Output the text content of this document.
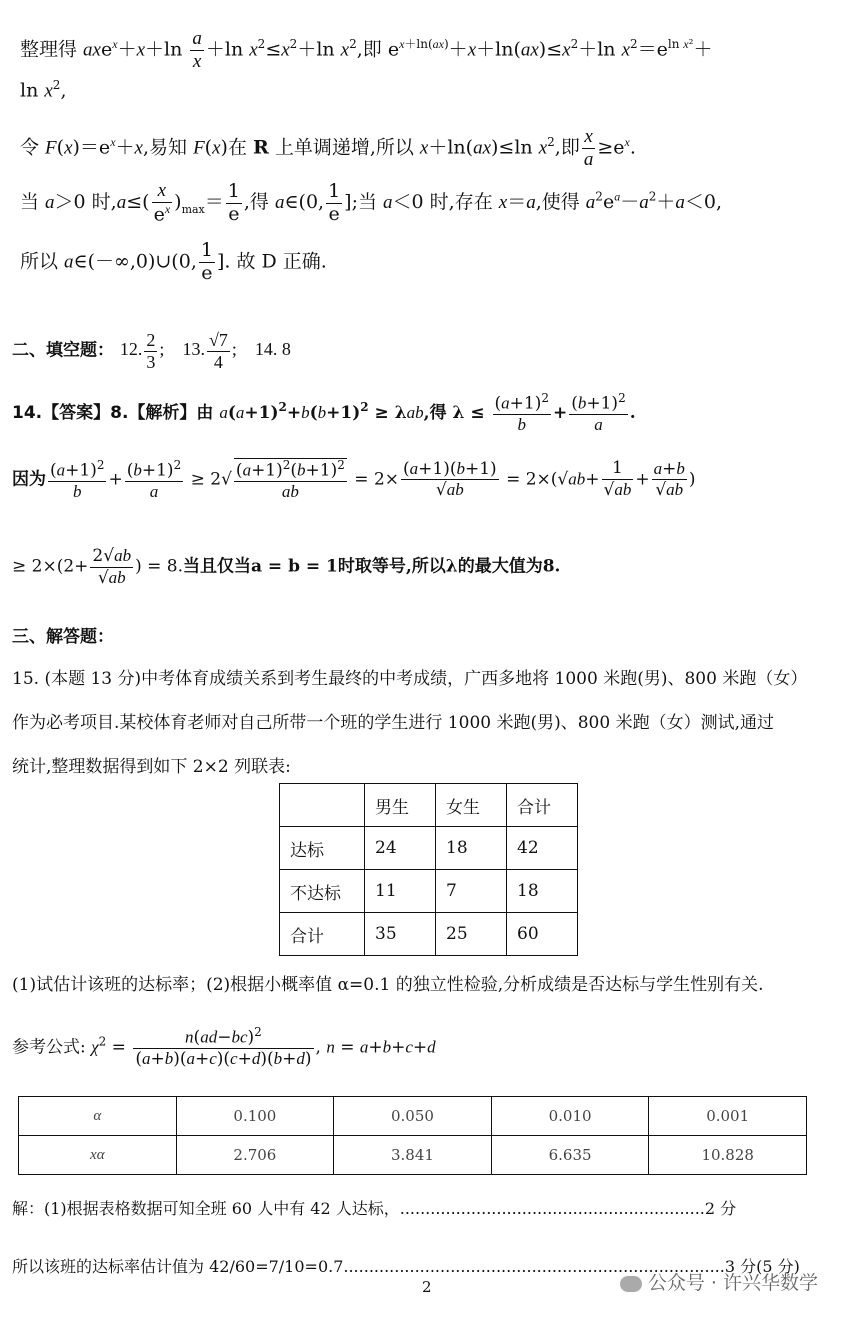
整理得 $axe^x+x+\ln \frac{a}{x} +\ln$ $x^2\le x^2+\ln$ $x^2$,即 $e^{x+ln(ax)}+x+\ln(ax)\le x^2+\ln$ $x^2=e^{ln x^2}+$
$\ln x^2$,
令 $F(x)=e^x+x$,易知 F(x)在 R 上单调递增,所以 x＋ln(ax)≤ln $x^2$,即 $\frac{x}{a} \ge e^x$.
当 a＞0 时$,a\le( \frac{x}{e^x} )_{max}= \frac{1}{e}$ ,得 a∈(0, $\frac{1}{e}$ ];当 a＜0 时,存在 x＝a,使得 $a^2e^a-a^2+a<0$,
所以 a∈(－∞,0)∪(0, $\frac{1}{e}$ ]. 故 D 正确.
二、填空题： 12. $\frac{2}{3}$ ;    13. $\frac{√7}{4}$ ;    14. 8
14.【答案】8.【解析】由 $a(a+1)^2+b(b+1)^2 \ge \lambda ab$,得 $\lambda \le \frac{(a+1)^2}{b} + \frac{(b+1)^2}{a}$ .
因为 $\frac{(a+1)^2}{b} + \frac{(b+1)^2}{a} \ge 2√ \frac{(a+1)^2(b+1)^2}{ab} = 2\times \frac{(a+1)(b+1)}{√ab} = 2\times(√ab+ \frac{1}{√ab} + \frac{a+b}{√ab}$ )
≥ $2\times(2+ \frac{2√ab}{√ab}$ ) = 8.当且仅当a = b = 1时取等号,所以λ的最大值为8.
三、解答题：
15. (本题 13 分)中考体育成绩关系到考生最终的中考成绩，广西多地将 1000 米跑(男)、800 米跑（女）
作为必考项目.某校体育老师对自己所带一个班的学生进行 1000 米跑(男)、800 米跑（女）测试,通过
统计,整理数据得到如下 2×2 列联表:
	男生	女生	合计
达标	24	18	42
不达标	11	7	18
合计	35	25	60
(1)试估计该班的达标率；(2)根据小概率值 α=0.1 的独立性检验,分析成绩是否达标与学生性别有关.
参考公式: $\chi^2 = \frac{n(ad-bc)^2}{(a+b)(a+c)(c+d)(b+d)}$ , n = a+b+c+d
α	0.100	0.050	0.010	0.001
xα	2.706	3.841	6.635	10.828
解：(1)根据表格数据可知全班 60 人中有 42 人达标，............................................................2 分
所以该班的达标率估计值为 42/60=7/10=0.7...........................................................................3 分(5 分)
公众号 · 许兴华数学
2
